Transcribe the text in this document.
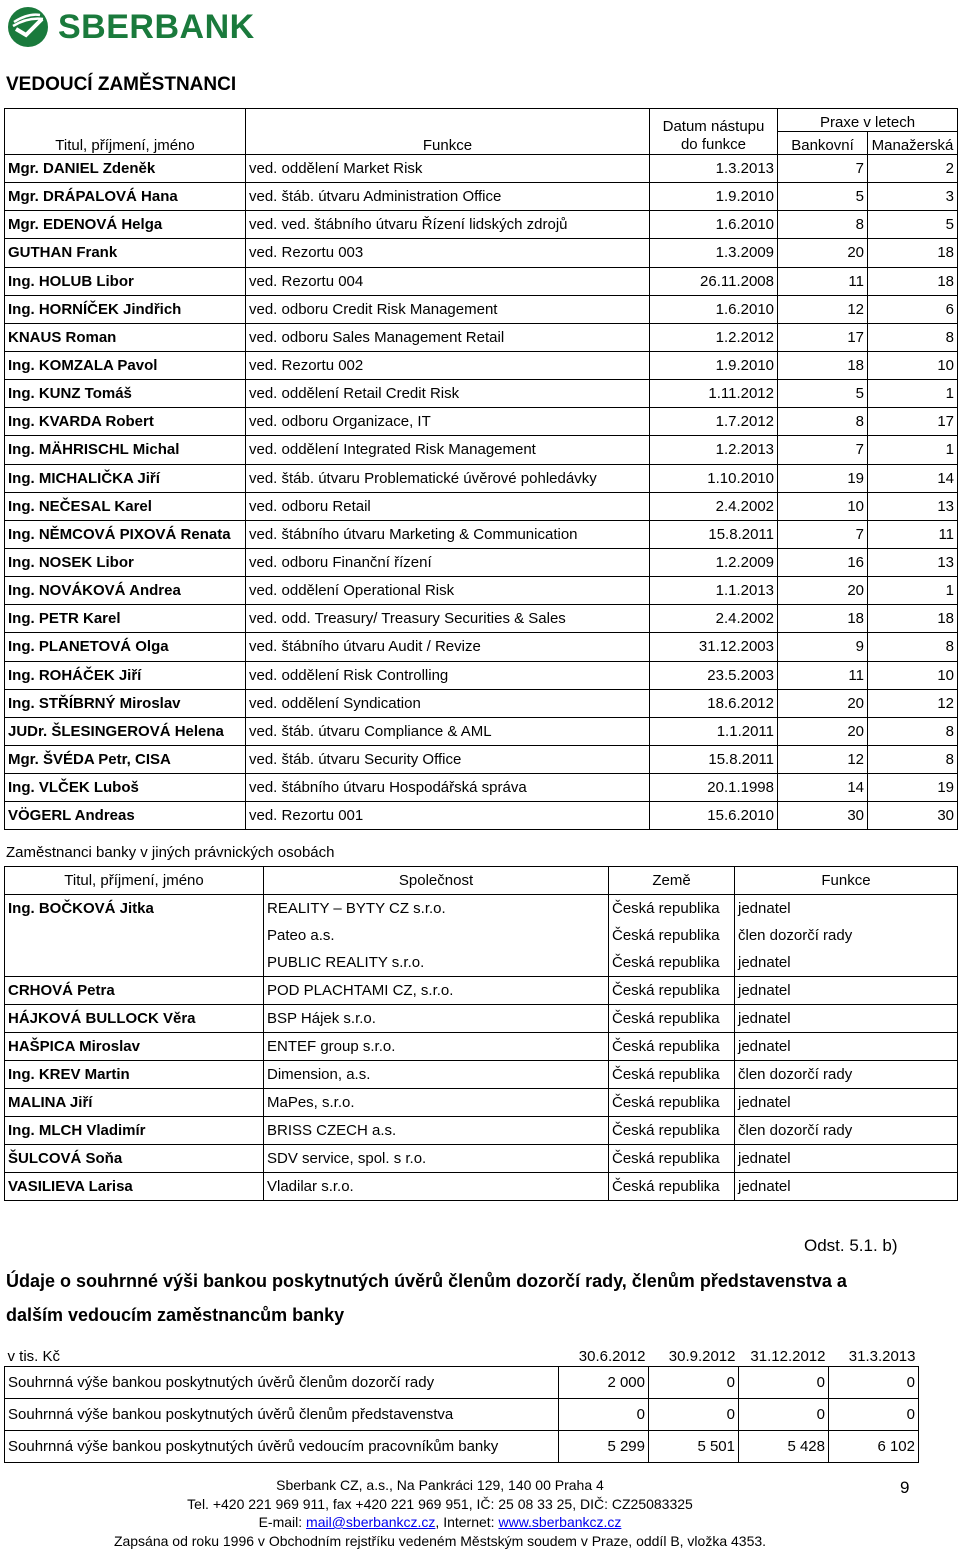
SBERBANK
VEDOUCÍ ZAMĚSTNANCI
Titul, příjmení, jméno	Funkce	Datum nástupu
do funkce	Praxe v letech	
			Bankovní	Manažerská
Mgr. DANIEL Zdeněk	ved. oddělení Market Risk	1.3.2013	7	2
Mgr. DRÁPALOVÁ Hana	ved. štáb. útvaru Administration Office	1.9.2010	5	3
Mgr. EDENOVÁ Helga	ved. ved. štábního útvaru Řízení lidských zdrojů	1.6.2010	8	5
GUTHAN Frank	ved. Rezortu 003	1.3.2009	20	18
Ing. HOLUB Libor	ved. Rezortu 004	26.11.2008	11	18
Ing. HORNÍČEK Jindřich	ved. odboru Credit Risk Management	1.6.2010	12	6
KNAUS Roman	ved. odboru Sales Management Retail	1.2.2012	17	8
Ing. KOMZALA Pavol	ved. Rezortu 002	1.9.2010	18	10
Ing. KUNZ Tomáš	ved. oddělení Retail Credit Risk	1.11.2012	5	1
Ing. KVARDA Robert	ved. odboru Organizace, IT	1.7.2012	8	17
Ing. MÄHRISCHL Michal	ved. oddělení Integrated Risk Management	1.2.2013	7	1
Ing. MICHALIČKA Jiří	ved. štáb. útvaru Problematické úvěrové pohledávky	1.10.2010	19	14
Ing. NEČESAL Karel	ved. odboru Retail	2.4.2002	10	13
Ing. NĚMCOVÁ PIXOVÁ Renata	ved. štábního útvaru Marketing & Communication	15.8.2011	7	11
Ing. NOSEK Libor	ved. odboru Finanční řízení	1.2.2009	16	13
Ing. NOVÁKOVÁ Andrea	ved. oddělení Operational Risk	1.1.2013	20	1
Ing. PETR Karel	ved. odd. Treasury/ Treasury Securities & Sales	2.4.2002	18	18
Ing. PLANETOVÁ Olga	ved. štábního útvaru Audit / Revize	31.12.2003	9	8
Ing. ROHÁČEK Jiří	ved. oddělení Risk Controlling	23.5.2003	11	10
Ing. STŘÍBRNÝ Miroslav	ved. oddělení Syndication	18.6.2012	20	12
JUDr. ŠLESINGEROVÁ Helena	ved. štáb. útvaru Compliance & AML	1.1.2011	20	8
Mgr. ŠVÉDA Petr, CISA	ved. štáb. útvaru Security Office	15.8.2011	12	8
Ing. VLČEK Luboš	ved. štábního útvaru Hospodářská správa	20.1.1998	14	19
VÖGERL Andreas	ved. Rezortu 001	15.6.2010	30	30
Zaměstnanci banky v jiných právnických osobách
Titul, příjmení, jméno	Společnost	Země	Funkce
Ing. BOČKOVÁ Jitka	REALITY – BYTY CZ s.r.o.	Česká republika	jednatel
	Pateo a.s.	Česká republika	člen dozorčí rady
	PUBLIC REALITY s.r.o.	Česká republika	jednatel
CRHOVÁ Petra	POD PLACHTAMI CZ, s.r.o.	Česká republika	jednatel
HÁJKOVÁ BULLOCK Věra	BSP Hájek s.r.o.	Česká republika	jednatel
HAŠPICA Miroslav	ENTEF group s.r.o.	Česká republika	jednatel
Ing. KREV Martin	Dimension, a.s.	Česká republika	člen dozorčí rady
MALINA Jiří	MaPes, s.r.o.	Česká republika	jednatel
Ing. MLCH Vladimír	BRISS CZECH a.s.	Česká republika	člen dozorčí rady
ŠULCOVÁ Soňa	SDV service, spol. s r.o.	Česká republika	jednatel
VASILIEVA Larisa	Vladilar s.r.o.	Česká republika	jednatel
Odst. 5.1. b)
Údaje o souhrnné výši bankou poskytnutých úvěrů členům dozorčí rady, členům představenstva a dalším vedoucím zaměstnancům banky
v tis. Kč	30.6.2012	30.9.2012	31.12.2012	31.3.2013
Souhrnná výše bankou poskytnutých úvěrů členům dozorčí rady	2 000	0	0	0
Souhrnná výše bankou poskytnutých úvěrů členům představenstva	0	0	0	0
Souhrnná výše bankou poskytnutých úvěrů vedoucím pracovníkům banky	5 299	5 501	5 428	6 102
Sberbank CZ, a.s., Na Pankráci 129, 140 00 Praha 4
Tel. +420 221 969 911, fax +420 221 969 951, IČ: 25 08 33 25, DIČ: CZ25083325
E-mail: mail@sberbankcz.cz, Internet: www.sberbankcz.cz
Zapsána od roku 1996 v Obchodním rejstříku vedeném Městským soudem v Praze, oddíl B, vložka 4353.
9
